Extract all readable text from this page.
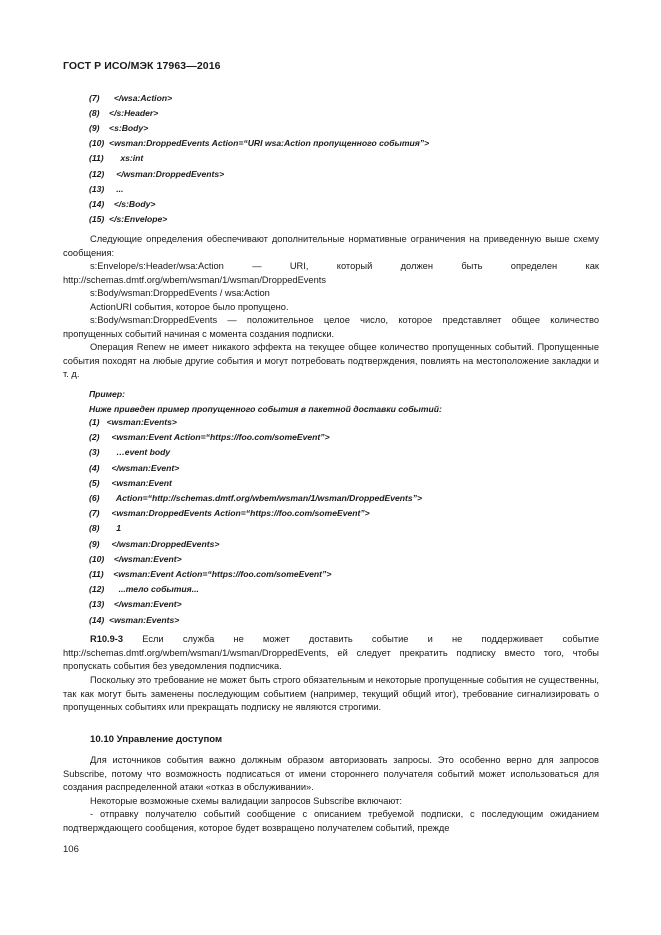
ГОСТ Р ИСО/МЭК 17963—2016
(7)      </wsa:Action>
(8)    </s:Header>
(9)    <s:Body>
(10)  <wsman:DroppedEvents Action=“URI wsa:Action пропущенного события”>
(11)       xs:int
(12)     </wsman:DroppedEvents>
(13)     ...
(14)    </s:Body>
(15)  </s:Envelope>
Следующие определения обеспечивают дополнительные нормативные ограничения на приведенную выше схему сообщения:
s:Envelope/s:Header/wsa:Action — URI, который должен быть определен как http://schemas.dmtf.org/wbem/wsman/1/wsman/DroppedEvents
s:Body/wsman:DroppedEvents / wsa:Action
ActionURI события, которое было пропущено.
s:Body/wsman:DroppedEvents — положительное целое число, которое представляет общее количество пропущенных событий начиная с момента создания подписки.
Операция Renew не имеет никакого эффекта на текущее общее количество пропущенных событий. Пропущенные события походят на любые другие события и могут потребовать подтверждения, повлиять на местоположение закладки и т. д.
Пример:
Ниже приведен пример пропущенного события в пакетной доставки событий:
(1)   <wsman:Events>
(2)     <wsman:Event Action=“https://foo.com/someEvent”>
(3)       …event body
(4)     </wsman:Event>
(5)     <wsman:Event
(6)       Action=“http://schemas.dmtf.org/wbem/wsman/1/wsman/DroppedEvents”>
(7)     <wsman:DroppedEvents Action=“https://foo.com/someEvent”>
(8)       1
(9)     </wsman:DroppedEvents>
(10)    </wsman:Event>
(11)    <wsman:Event Action=“https://foo.com/someEvent”>
(12)      ...тело события...
(13)    </wsman:Event>
(14)  <wsman:Events>
R10.9-3 Если служба не может доставить событие и не поддерживает событие http://schemas.dmtf.org/wbem/wsman/1/wsman/DroppedEvents, ей следует прекратить подписку вместо того, чтобы пропускать события без уведомления подписчика.
Поскольку это требование не может быть строго обязательным и некоторые пропущенные события не существенны, так как могут быть заменены последующим событием (например, текущий общий итог), требование сигнализировать о пропущенных событиях или прекращать подписку не являются строгими.
10.10 Управление доступом
Для источников события важно должным образом авторизовать запросы. Это особенно верно для запросов Subscribe, потому что возможность подписаться от имени стороннего получателя событий может использоваться для создания распределенной атаки «отказ в обслуживании».
Некоторые возможные схемы валидации запросов Subscribe включают:
- отправку получателю событий сообщение с описанием требуемой подписки, с последующим ожиданием подтверждающего сообщения, которое будет возвращено получателем событий, прежде
106
